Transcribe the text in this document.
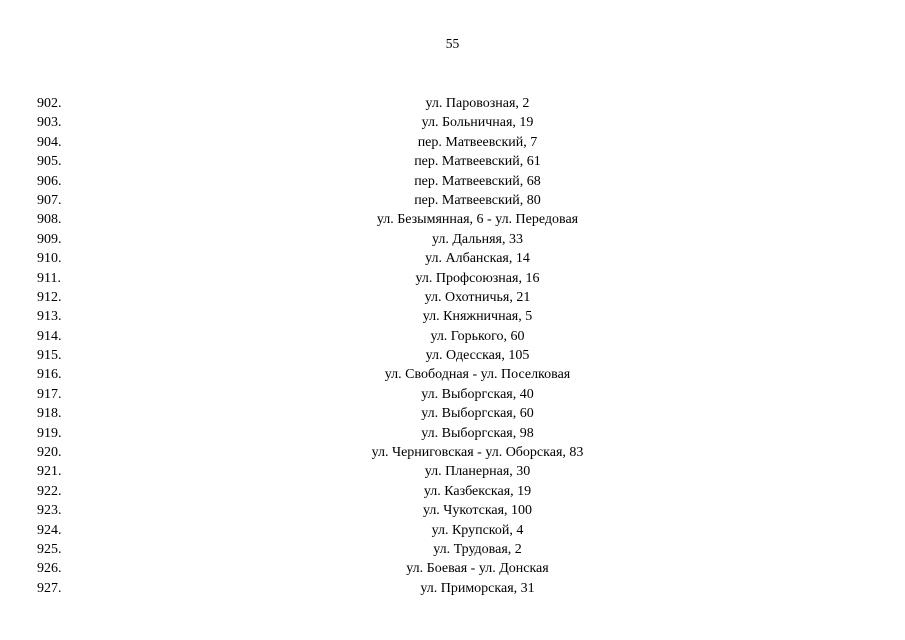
55
902.	ул. Паровозная, 2
903.	ул. Больничная, 19
904.	пер. Матвеевский, 7
905.	пер. Матвеевский, 61
906.	пер. Матвеевский, 68
907.	пер. Матвеевский, 80
908.	ул. Безымянная, 6 - ул. Передовая
909.	ул. Дальняя, 33
910.	ул. Албанская, 14
911.	ул. Профсоюзная, 16
912.	ул. Охотничья, 21
913.	ул. Княжничная, 5
914.	ул. Горького, 60
915.	ул. Одесская, 105
916.	ул. Свободная - ул. Поселковая
917.	ул. Выборгская, 40
918.	ул. Выборгская, 60
919.	ул. Выборгская, 98
920.	ул. Черниговская - ул. Оборская, 83
921.	ул. Планерная, 30
922.	ул. Казбекская, 19
923.	ул. Чукотская, 100
924.	ул. Крупской, 4
925.	ул. Трудовая, 2
926.	ул. Боевая - ул. Донская
927.	ул. Приморская, 31
